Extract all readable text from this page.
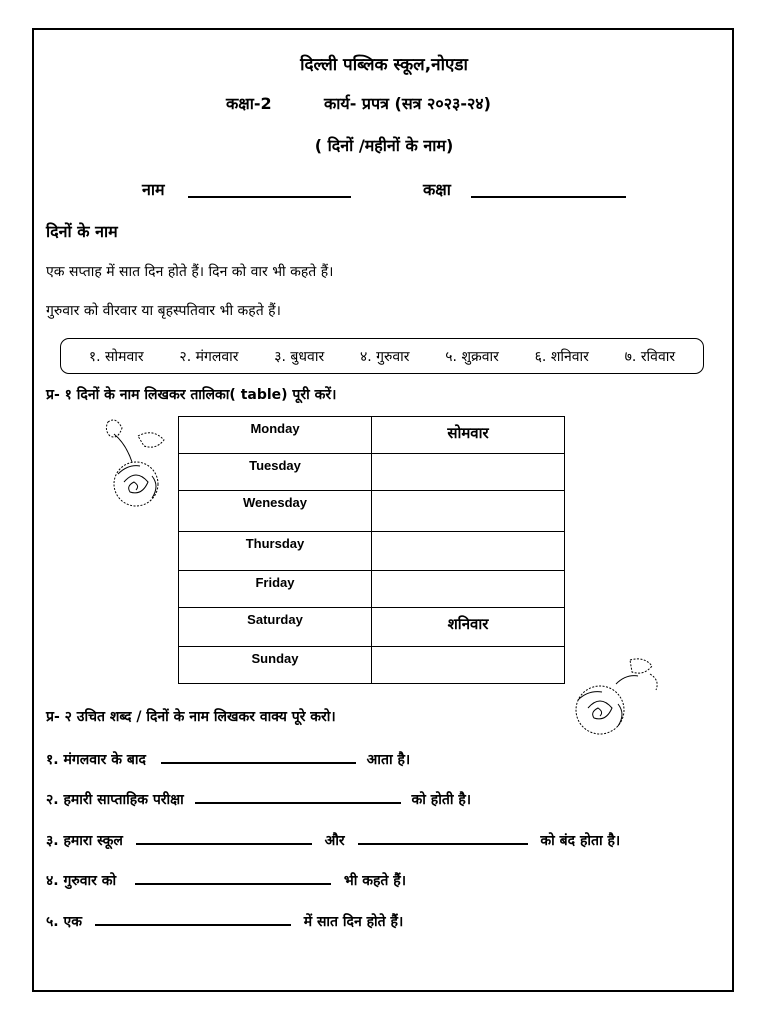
दिल्ली पब्लिक स्कूल,नोएडा
कक्षा-2	कार्य- प्रपत्र (सत्र २०२३-२४)
( दिनों /महीनों के नाम)
नाम	कक्षा
दिनों के नाम
एक सप्ताह में सात दिन होते हैं। दिन को वार भी कहते हैं।
गुरुवार को वीरवार या बृहस्पतिवार भी कहते हैं।
१. सोमवार	२. मंगलवार	३. बुधवार	४. गुरुवार	५. शुक्रवार	६. शनिवार	७. रविवार
प्र- १ दिनों के नाम लिखकर तालिका( table) पूरी करें।
Monday	सोमवार
Tuesday	
Wenesday	
Thursday	
Friday	
Saturday	शनिवार
Sunday	
प्र- २ उचित शब्द / दिनों के नाम लिखकर वाक्य पूरे करो।
१. मंगलवार के बाद	आता है।
२. हमारी साप्ताहिक परीक्षा	को होती है।
३. हमारा स्कूल	और	को बंद होता है।
४. गुरुवार को	भी कहते हैं।
५. एक	में सात दिन होते हैं।
